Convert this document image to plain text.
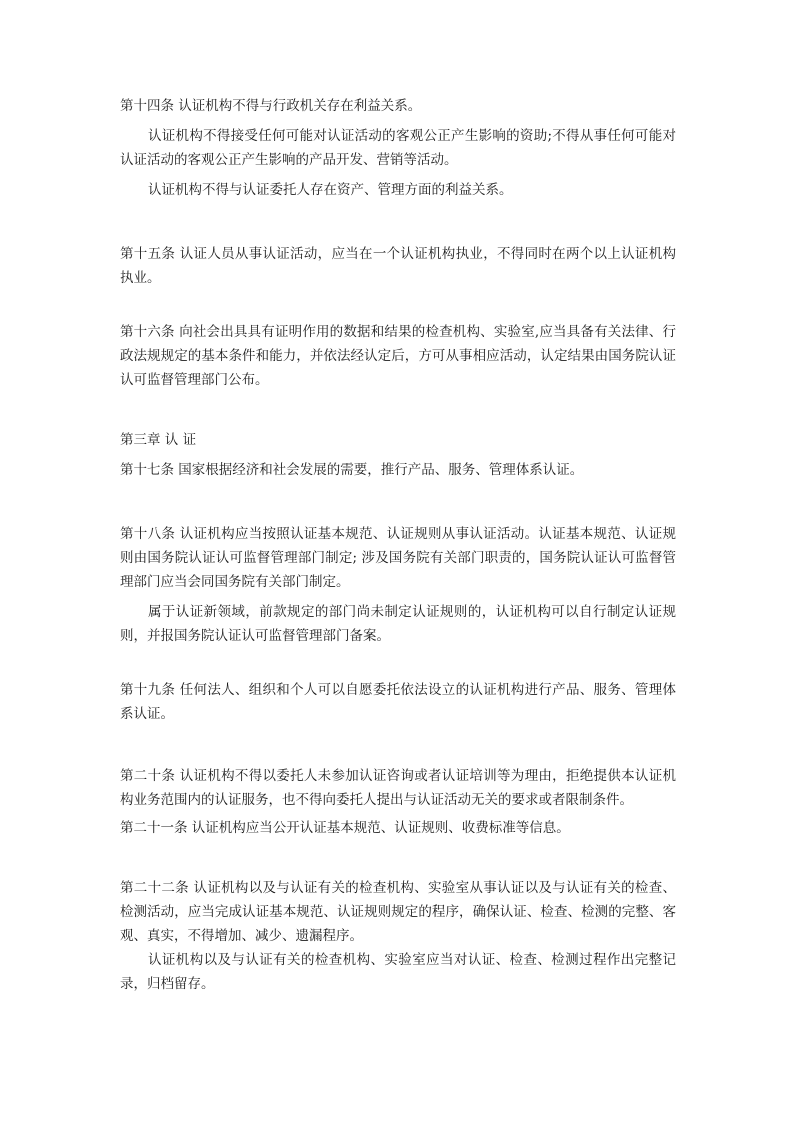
第十四条 认证机构不得与行政机关存在利益关系。

认证机构不得接受任何可能对认证活动的客观公正产生影响的资助;不得从事任何可能对认证活动的客观公正产生影响的产品开发、营销等活动。

认证机构不得与认证委托人存在资产、管理方面的利益关系。

第十五条 认证人员从事认证活动，应当在一个认证机构执业，不得同时在两个以上认证机构执业。

第十六条 向社会出具具有证明作用的数据和结果的检查机构、实验室,应当具备有关法律、行政法规规定的基本条件和能力，并依法经认定后，方可从事相应活动，认定结果由国务院认证认可监督管理部门公布。

第三章 认 证

第十七条 国家根据经济和社会发展的需要，推行产品、服务、管理体系认证。

第十八条 认证机构应当按照认证基本规范、认证规则从事认证活动。认证基本规范、认证规则由国务院认证认可监督管理部门制定; 涉及国务院有关部门职责的，国务院认证认可监督管理部门应当会同国务院有关部门制定。

属于认证新领域，前款规定的部门尚未制定认证规则的，认证机构可以自行制定认证规则，并报国务院认证认可监督管理部门备案。

第十九条 任何法人、组织和个人可以自愿委托依法设立的认证机构进行产品、服务、管理体系认证。

第二十条 认证机构不得以委托人未参加认证咨询或者认证培训等为理由，拒绝提供本认证机构业务范围内的认证服务，也不得向委托人提出与认证活动无关的要求或者限制条件。

第二十一条 认证机构应当公开认证基本规范、认证规则、收费标准等信息。

第二十二条 认证机构以及与认证有关的检查机构、实验室从事认证以及与认证有关的检查、检测活动，应当完成认证基本规范、认证规则规定的程序，确保认证、检查、检测的完整、客观、真实，不得增加、减少、遗漏程序。

认证机构以及与认证有关的检查机构、实验室应当对认证、检查、检测过程作出完整记录，归档留存。
